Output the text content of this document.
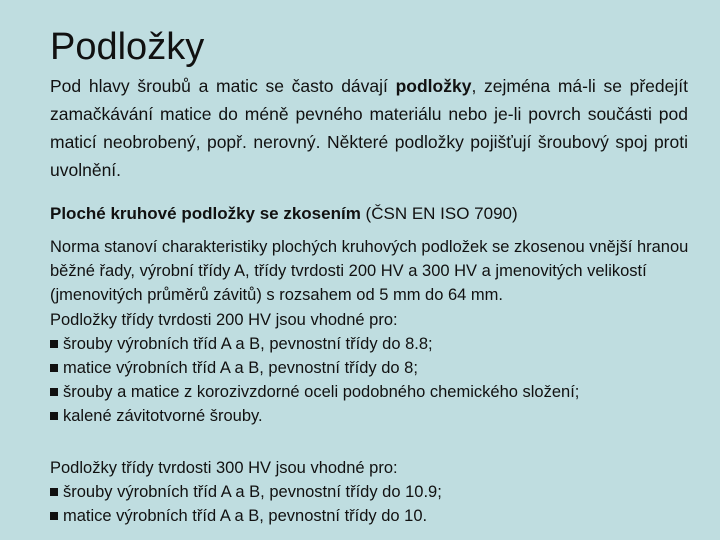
Podložky

Pod hlavy šroubů a matic se často dávají podložky, zejména má-li se předejít zamačkávání matice do méně pevného materiálu nebo je-li povrch součásti pod maticí neobrobený, popř. nerovný. Některé podložky pojišťují šroubový spoj proti uvolnění.

Ploché kruhové podložky se zkosením (ČSN EN ISO 7090)

Norma stanoví charakteristiky plochých kruhových podložek se zkosenou vnější hranou běžné řady, výrobní třídy A, třídy tvrdosti 200 HV a 300 HV a jmenovitých velikostí (jmenovitých průměrů závitů) s rozsahem od 5 mm do 64 mm.

Podložky třídy tvrdosti 200 HV jsou vhodné pro:

šrouby výrobních tříd A a B, pevnostní třídy do 8.8;
matice výrobních tříd A a B, pevnostní třídy do 8;
šrouby a matice z korozivzdorné oceli podobného chemického složení;
kalené závitotvorné šrouby.

Podložky třídy tvrdosti 300 HV jsou vhodné pro:

šrouby výrobních tříd A a B, pevnostní třídy do 10.9;
matice výrobních tříd A a B, pevnostní třídy do 10.
